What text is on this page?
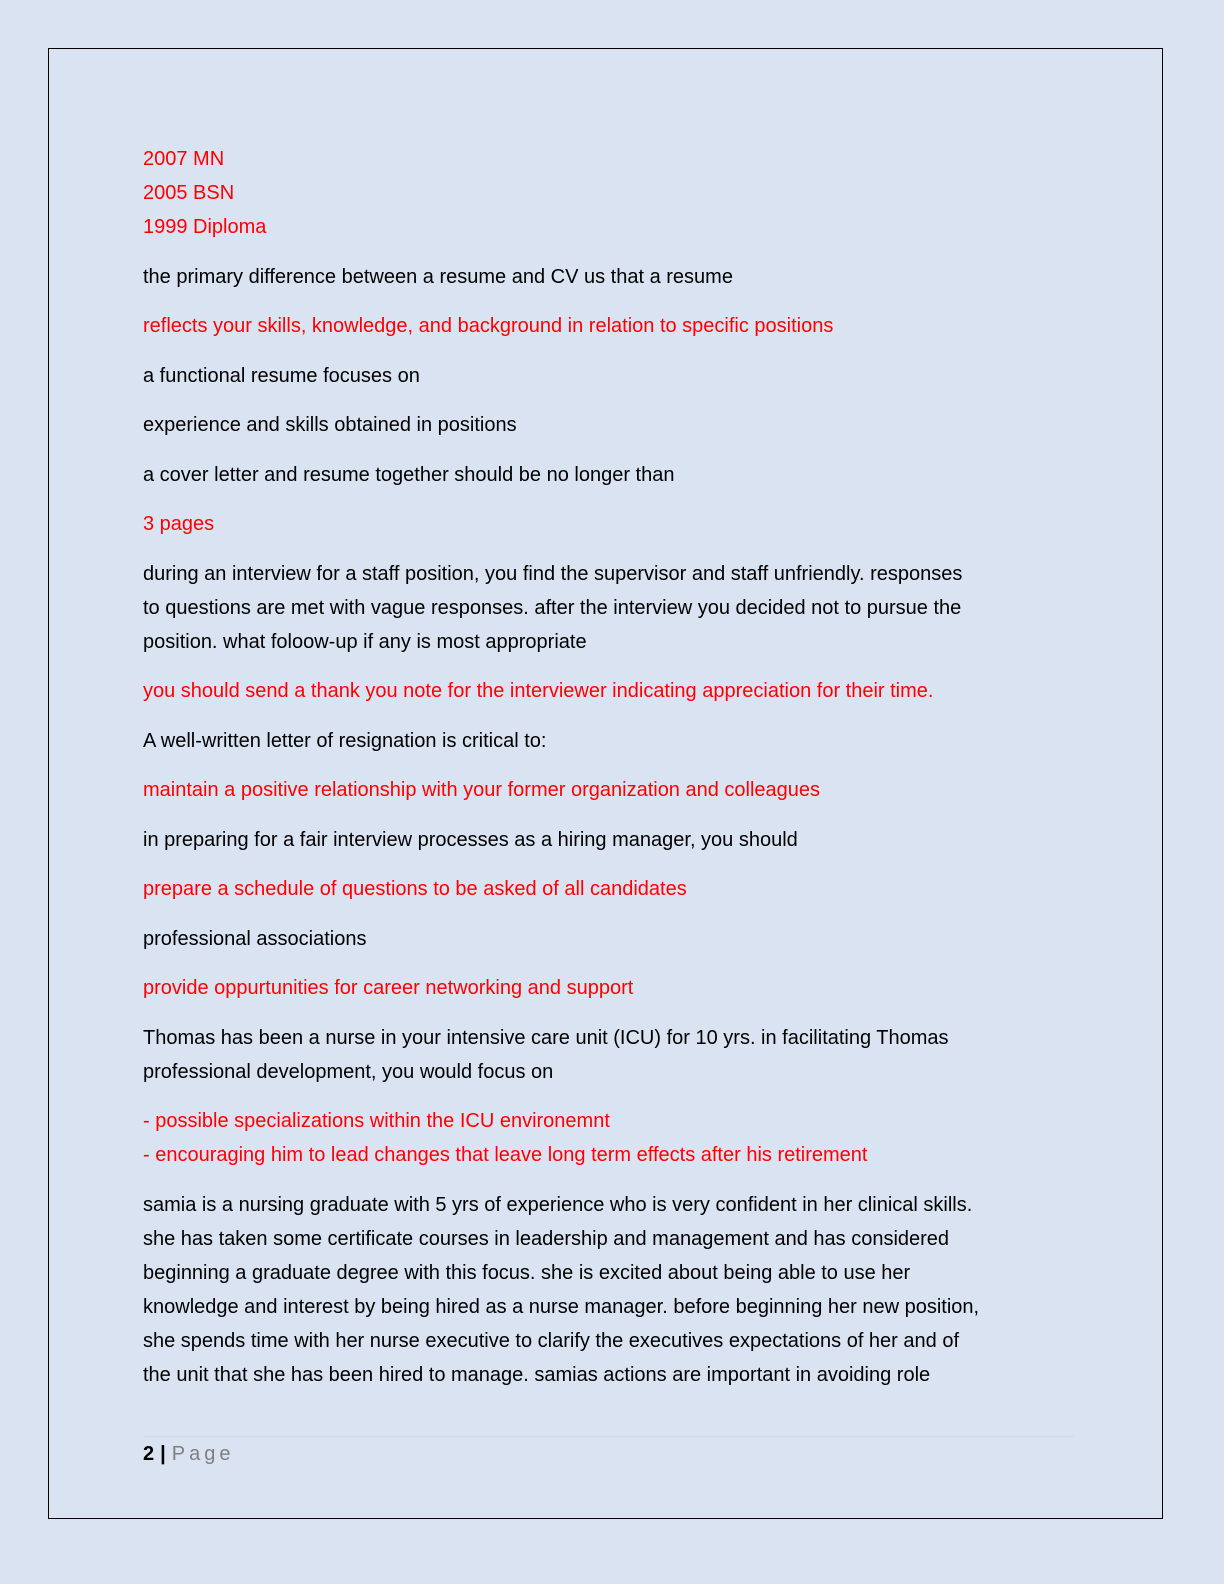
2007 MN
2005 BSN
1999 Diploma
the primary difference between a resume and CV us that a resume
reflects your skills, knowledge, and background in relation to specific positions
a functional resume focuses on
experience and skills obtained in positions
a cover letter and resume together should be no longer than
3 pages
during an interview for a staff position, you find the supervisor and staff unfriendly. responses
to questions are met with vague responses. after the interview you decided not to pursue the
position. what foloow-up if any is most appropriate
you should send a thank you note for the interviewer indicating appreciation for their time.
A well-written letter of resignation is critical to:
maintain a positive relationship with your former organization and colleagues
in preparing for a fair interview processes as a hiring manager, you should
prepare a schedule of questions to be asked of all candidates
professional associations
provide oppurtunities for career networking and support
Thomas has been a nurse in your intensive care unit (ICU) for 10 yrs. in facilitating Thomas
professional development, you would focus on
- possible specializations within the ICU environemnt
- encouraging him to lead changes that leave long term effects after his retirement
samia is a nursing graduate with 5 yrs of experience who is very confident in her clinical skills.
she has taken some certificate courses in leadership and management and has considered
beginning a graduate degree with this focus. she is excited about being able to use her
knowledge and interest by being hired as a nurse manager. before beginning her new position,
she spends time with her nurse executive to clarify the executives expectations of her and of
the unit that she has been hired to manage. samias actions are important in avoiding role
2 | Page
